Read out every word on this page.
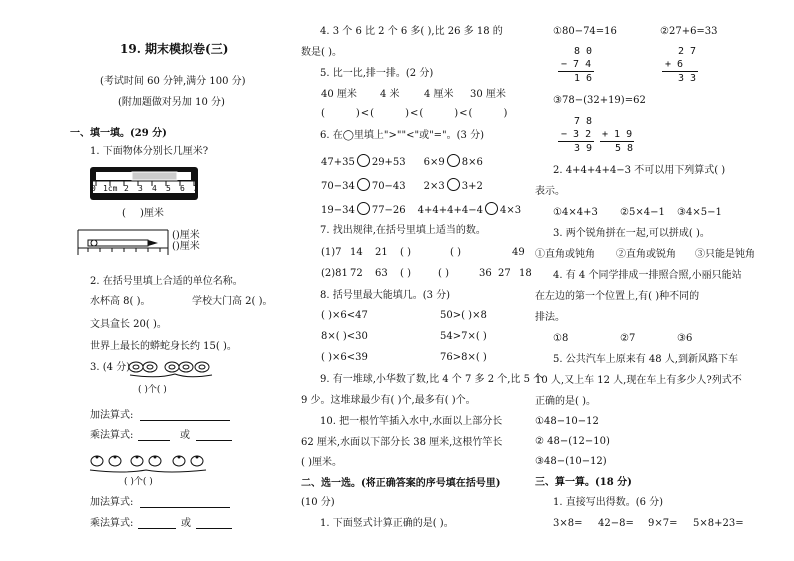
19. 期末模拟卷(三)
(考试时间 60 分钟,满分 100 分)
(附加题做对另加 10 分)
一、填一填。(29 分)
1. 下面物体分别长几厘米?
0 1cm 2 3 4 5 6 7
( )厘米
()厘米
()厘米
2. 在括号里填上合适的单位名称。
水杯高 8( )。	学校大门高 2( )。
文具盒长 20( )。
世界上最长的蟒蛇身长约 15( )。
3. (4 分)
( )个( )
加法算式:
乘法算式:	或
( )个( )
加法算式:
乘法算式:	或
4. 3 个 6 比 2 个 6 多( ),比 26 多 18 的
数是( )。
5. 比一比,排一排。(2 分)
40 厘米 4 米 4 厘米 30 厘米
(	)<(	)<(	)<(	)
6. 在◯里填上">""<"或"="。(3 分)
47+35 29+53 6×9 8×6
70−34 70−43 2×3 3+2
19−34 77−26 4+4+4+4−4 4×3
7. 找出规律,在括号里填上适当的数。
(1)7 14 21 ( )	( )	49
(2)81 72 63 ( )	( )	36 27 18
8. 括号里最大能填几。(3 分)
( )×6<47	50>( )×8
8×( )<30	54>7×( )
( )×6<39	76>8×( )
9. 有一堆球,小华数了数,比 4 个 7 多 2 个,比 5 个
9 少。这堆球最少有( )个,最多有( )个。
10. 把一根竹竿插入水中,水面以上部分长
62 厘米,水面以下部分长 38 厘米,这根竹竿长
( )厘米。
二、选一选。(将正确答案的序号填在括号里)
(10 分)
1. 下面竖式计算正确的是( )。
①80−74=16	②27+6=33
8 0
− 7 4
1 6
2 7
+ 6
3 3
③78−(32+19)=62
7 8
− 3 2
3 9
+ 1 9
5 8
2. 4+4+4+4−3 不可以用下列算式( )
表示。
①4×4+3 ②5×4−1 ③4×5−1
3. 两个锐角拼在一起,可以拼成( )。
①直角或钝角 ②直角或锐角 ③只能是钝角
4. 有 4 个同学排成一排照合照,小丽只能站
在左边的第一个位置上,有( )种不同的
排法。
①8	②7	③6
5. 公共汽车上原来有 48 人,到新风路下车
10 人,又上车 12 人,现在车上有多少人?列式不
正确的是( )。
①48−10−12
② 48−(12−10)
③48−(10−12)
三、算一算。(18 分)
1. 直接写出得数。(6 分)
3×8= 42−8= 9×7= 5×8+23=
